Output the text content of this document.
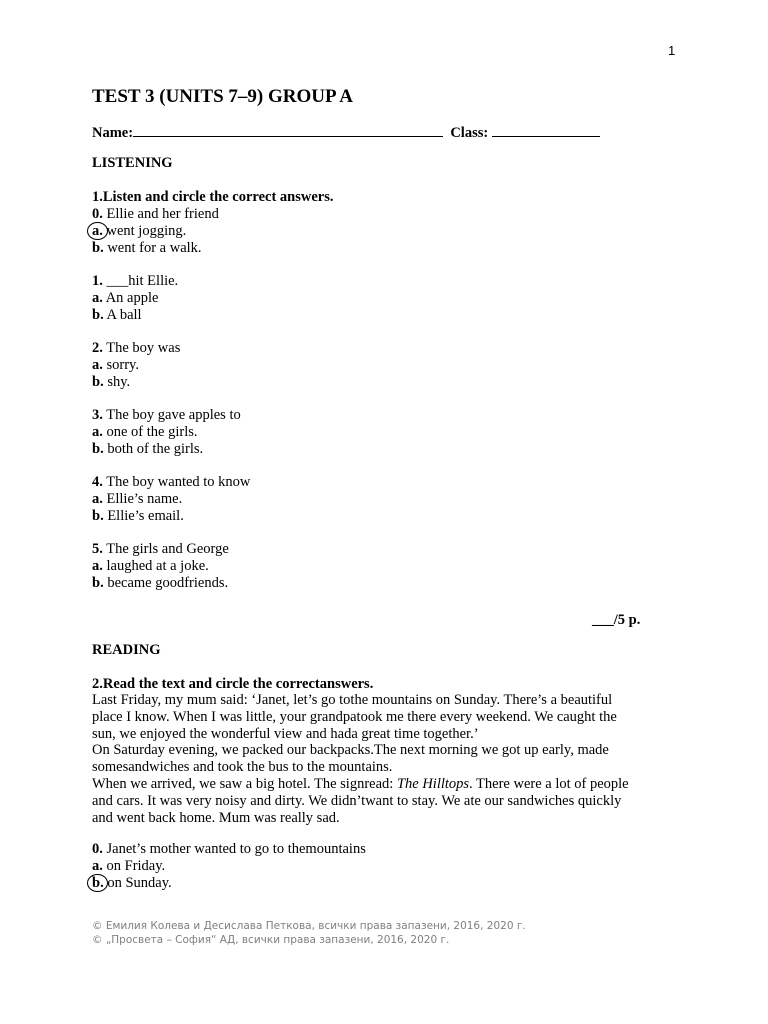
1
TEST 3 (UNITS 7–9) GROUP A
Name:	Class:
LISTENING
1.Listen and circle the correct answers.
0. Ellie and her friend
a. went jogging.
b. went for a walk.
1. ___hit Ellie.
a. An apple
b. A ball
2. The boy was
a. sorry.
b. shy.
3. The boy gave apples to
a. one of the girls.
b. both of the girls.
4. The boy wanted to know
a. Ellie’s name.
b. Ellie’s email.
5. The girls and George
a. laughed at a joke.
b. became goodfriends.
___/5 p.
READING
2.Read the text and circle the correctanswers.

Last Friday, my mum said: ‘Janet, let’s go tothe mountains on Sunday. There’s a beautiful
place I know. When I was little, your grandpatook me there every weekend. We caught the
sun, we enjoyed the wonderful view and hada great time together.’

On Saturday evening, we packed our backpacks.The next morning we got up early, made
somesandwiches and took the bus to the mountains.

When we arrived, we saw a big hotel. The signread: The Hilltops. There were a lot of people
and cars. It was very noisy and dirty. We didn’twant to stay. We ate our sandwiches quickly
and went back home. Mum was really sad.

0. Janet’s mother wanted to go to themountains
a. on Friday.
b. on Sunday.
© Емилия Колева и Десислава Петкова, всички права запазени, 2016, 2020 г.
© „Просвета – София“ АД, всички права запазени, 2016, 2020 г.
